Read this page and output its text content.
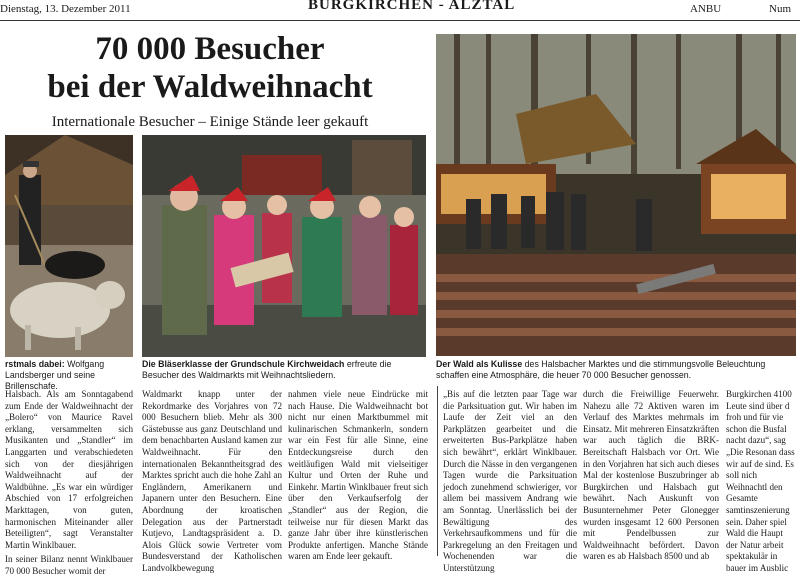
Dienstag, 13. Dezember 2011	BURGKIRCHEN - ALZTAL	ANBU	Num
70 000 Besucher
bei der Waldweihnacht
Internationale Besucher – Einige Stände leer gekauft
rstmals dabei: Wolfgang Landsberger und seine Brillenschafe.
Die Bläserklasse der Grundschule Kirchweidach erfreute die Besucher des Waldmarkts mit Weihnachtsliedern.
Der Wald als Kulisse des Halsbacher Marktes und die stimmungsvolle Beleuchtung schaffen eine Atmosphäre, die heuer 70 000 Besucher genossen.

Halsbach. Als am Sonntagabend zum Ende der Waldweihnacht der „Bolero“ von Maurice Ravel erklang, versammelten sich Musikanten und „Standler“ im Langgarten und verabschiedeten sich von der diesjährigen Waldweihnacht auf der Waldbühne. „Es war ein würdiger Abschied von 17 erfolgreichen Markttagen, von guten, harmonischen Miteinander aller Beteiligten“, sagt Veranstalter Martin Winklbauer.

In seiner Bilanz nennt Winklbauer 70 000 Besucher womit der

Waldmarkt knapp unter der Rekordmarke des Vorjahres von 72 000 Besuchern blieb. Mehr als 300 Gästebusse aus ganz Deutschland und dem benachbarten Ausland kamen zur Waldweihnacht. Für den internationalen Bekanntheitsgrad des Marktes spricht auch die hohe Zahl an Engländern, Amerikanern und Japanern unter den Besuchern. Eine Abordnung der kroatischen Delegation aus der Partnerstadt Kutjevo, Landtagspräsident a. D. Alois Glück sowie Vertreter vom Bundesverstand der Katholischen Landvolkbewegung

nahmen viele neue Eindrücke mit nach Hause. Die Waldweihnacht bot nicht nur einen Marktbummel mit kulinarischen Schmankerln, sondern war ein Fest für alle Sinne, eine Entdeckungsreise durch den weitläufigen Wald mit vielseitiger Kultur und Orten der Ruhe und Einkehr. Martin Winklbauer freut sich über den Verkaufserfolg der „Standler“ aus der Region, die teilweise nur für diesen Markt das ganze Jahr über ihre künstlerischen Produkte anfertigen. Manche Stände waren am Ende leer gekauft.

„Bis auf die letzten paar Tage war die Parksituation gut. Wir haben im Laufe der Zeit viel an den Parkplätzen gearbeitet und die erweiterten Bus-Parkplätze haben sich bewährt“, erklärt Winklbauer. Durch die Nässe in den vergangenen Tagen wurde die Parksituation jedoch zunehmend schwieriger, vor allem bei massivem Andrang wie am Sonntag. Unerlässlich bei der Bewältigung des Verkehrsaufkommens und für die Parkregelung an den Freitagen und Wochenenden war die Unterstützung

durch die Freiwillige Feuerwehr. Nahezu alle 72 Aktiven waren im Verlauf des Marktes mehrmals im Einsatz. Mit mehreren Einsatzkräften war auch täglich die BRK-Bereitschaft Halsbach vor Ort. Wie in den Vorjahren hat sich auch dieses Mal der kostenlose Buszubringer ab Burgkirchen und Halsbach gut bewährt. Nach Auskunft von Busunternehmer Peter Glonegger wurden insgesamt 12 600 Personen mit Pendelbussen zur Waldweihnacht befördert. Davon waren es ab Halsbach 8500 und ab

Burgkirchen 4100 Leute sind über d froh und für vie schon die Busfal nacht dazu“, sag „Die Resonan dass wir auf de sind. Es soll nich Weihnachtl den Gesamte samtinszenierung sein. Daher spiel Wald die Haupt der Natur arbeit spektakulär in bauer im Ausblic
